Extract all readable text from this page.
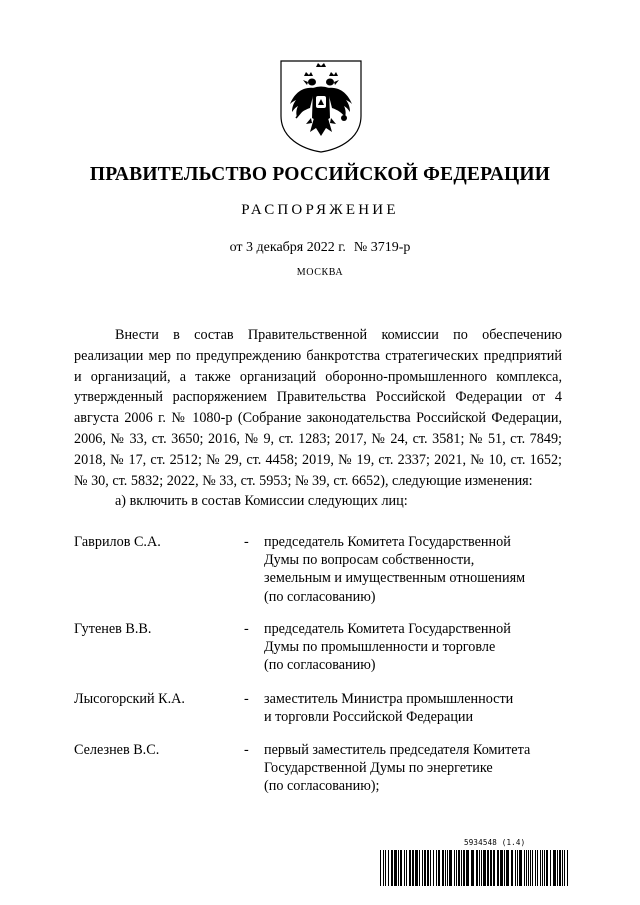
ПРАВИТЕЛЬСТВО РОССИЙСКОЙ ФЕДЕРАЦИИ
РАСПОРЯЖЕНИЕ
от 3 декабря 2022 г. № 3719-р
МОСКВА

Внести в состав Правительственной комиссии по обеспечению реализации мер по предупреждению банкротства стратегических предприятий и организаций, а также организаций оборонно-промышленного комплекса, утвержденный распоряжением Правительства Российской Федерации от 4 августа 2006 г. № 1080-р (Собрание законодательства Российской Федерации, 2006, № 33, ст. 3650; 2016, № 9, ст. 1283; 2017, № 24, ст. 3581; № 51, ст. 7849; 2018, № 17, ст. 2512; № 29, ст. 4458; 2019, № 19, ст. 2337; 2021, № 10, ст. 1652; № 30, ст. 5832; 2022, № 33, ст. 5953; № 39, ст. 6652), следующие изменения:

а) включить в состав Комиссии следующих лиц:

Гаврилов С.А.	- председатель Комитета Государственной
Думы по вопросам собственности,
земельным и имущественным отношениям
(по согласованию)
Гутенев В.В.	- председатель Комитета Государственной
Думы по промышленности и торговле
(по согласованию)
Лысогорский К.А.	- заместитель Министра промышленности
и торговли Российской Федерации
Селезнев В.С.	- первый заместитель председателя Комитета
Государственной Думы по энергетике
(по согласованию);
5934548 (1.4)
